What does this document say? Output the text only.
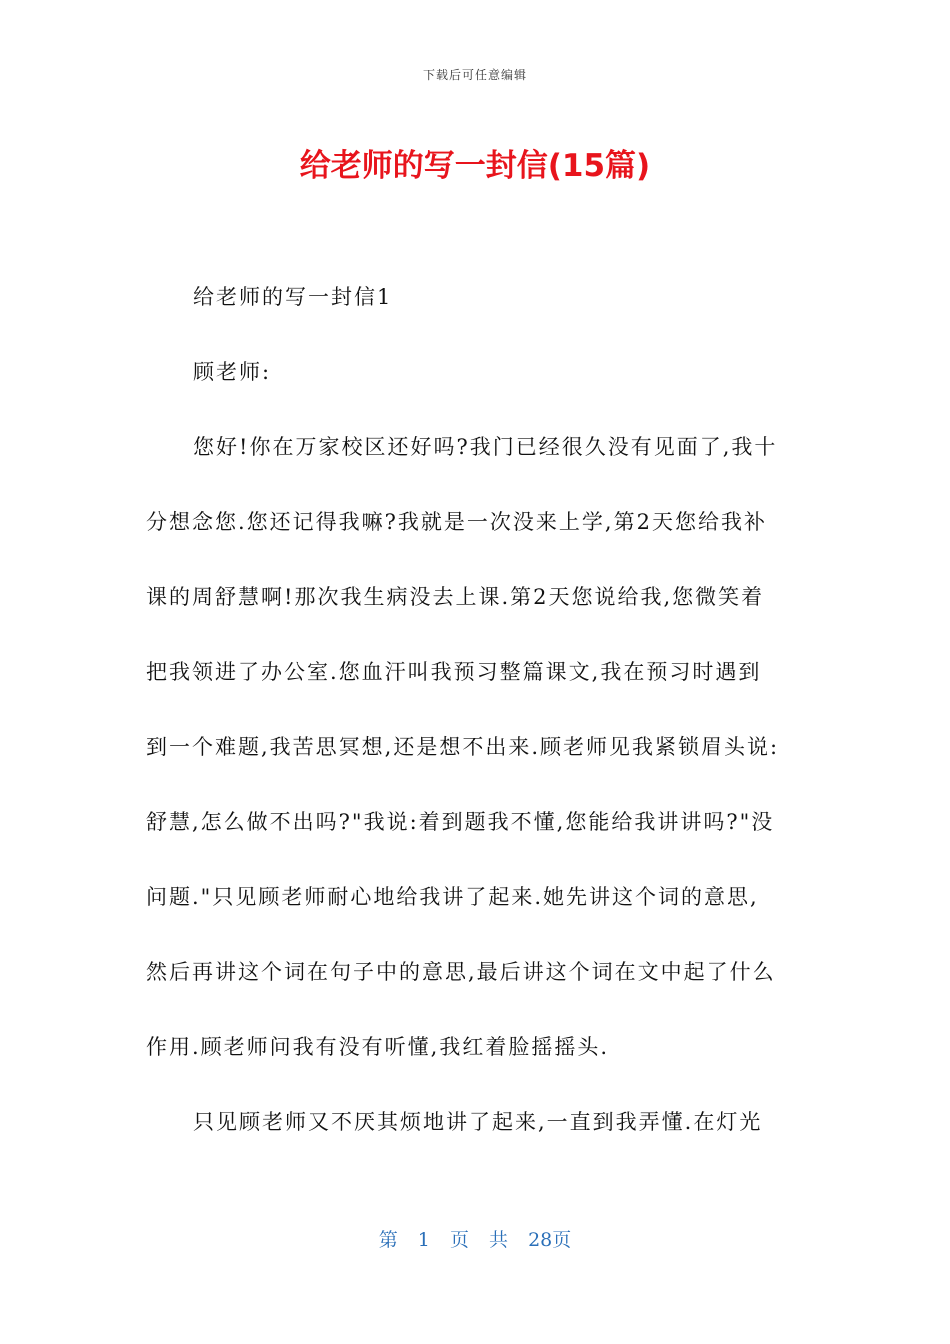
下载后可任意编辑
给老师的写一封信(15篇)
给老师的写一封信1
顾老师:
您好!你在万家校区还好吗?我门已经很久没有见面了,我十
分想念您.您还记得我嘛?我就是一次没来上学,第2天您给我补
课的周舒慧啊!那次我生病没去上课.第2天您说给我,您微笑着
把我领进了办公室.您血汗叫我预习整篇课文,我在预习时遇到
到一个难题,我苦思冥想,还是想不出来.顾老师见我紧锁眉头说:
舒慧,怎么做不出吗?"我说:着到题我不懂,您能给我讲讲吗?"没
问题."只见顾老师耐心地给我讲了起来.她先讲这个词的意思,
然后再讲这个词在句子中的意思,最后讲这个词在文中起了什么
作用.顾老师问我有没有听懂,我红着脸摇摇头.
只见顾老师又不厌其烦地讲了起来,一直到我弄懂.在灯光
第 1 页 共 28页
